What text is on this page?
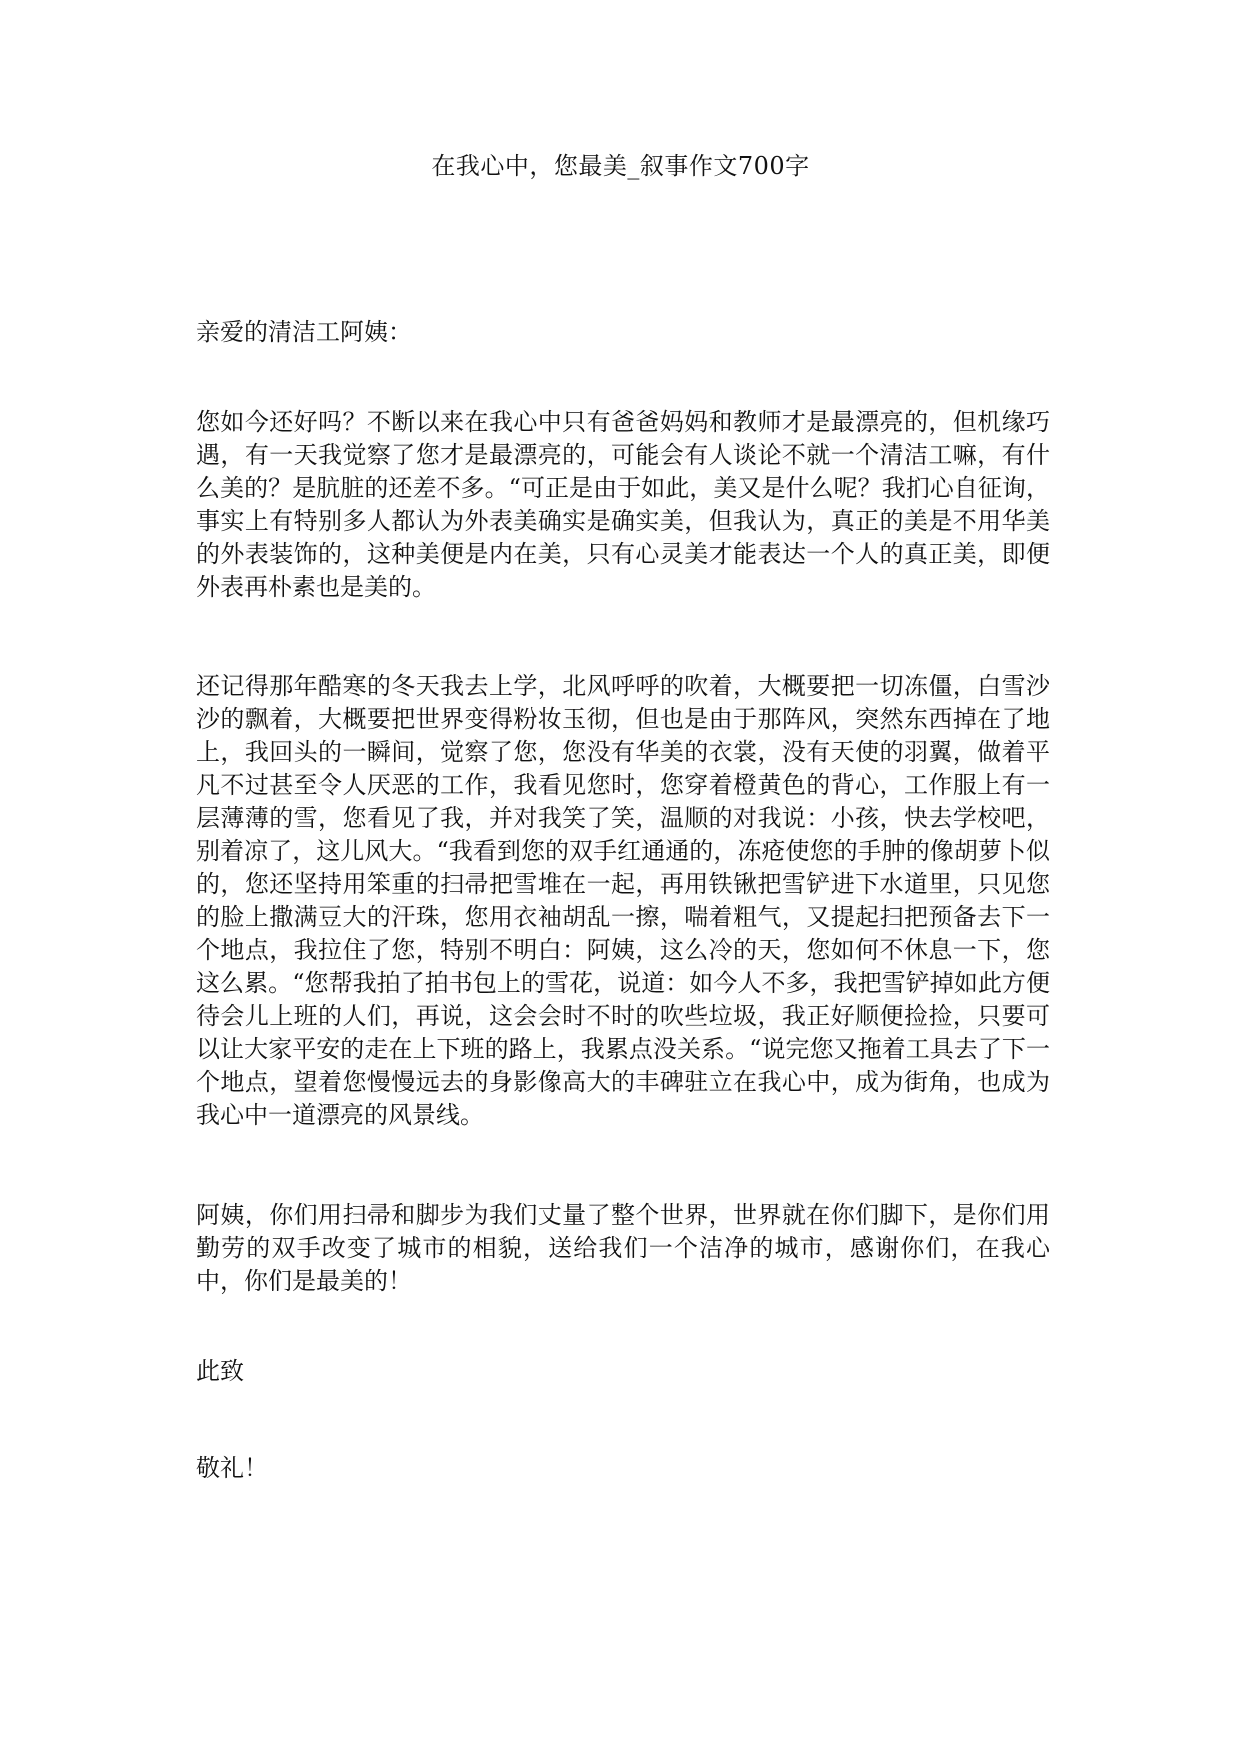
在我心中，您最美_叙事作文700字
亲爱的清洁工阿姨：
您如今还好吗？不断以来在我心中只有爸爸妈妈和教师才是最漂亮的，但机缘巧遇，有一天我觉察了您才是最漂亮的，可能会有人谈论不就一个清洁工嘛，有什么美的？是肮脏的还差不多。“可正是由于如此，美又是什么呢？我扪心自征询，事实上有特别多人都认为外表美确实是确实美，但我认为，真正的美是不用华美的外表装饰的，这种美便是内在美，只有心灵美才能表达一个人的真正美，即便外表再朴素也是美的。
还记得那年酷寒的冬天我去上学，北风呼呼的吹着，大概要把一切冻僵，白雪沙沙的飘着，大概要把世界变得粉妆玉彻，但也是由于那阵风，突然东西掉在了地上，我回头的一瞬间，觉察了您，您没有华美的衣裳，没有天使的羽翼，做着平凡不过甚至令人厌恶的工作，我看见您时，您穿着橙黄色的背心，工作服上有一层薄薄的雪，您看见了我，并对我笑了笑，温顺的对我说：小孩，快去学校吧，别着凉了，这儿风大。“我看到您的双手红通通的，冻疮使您的手肿的像胡萝卜似的，您还坚持用笨重的扫帚把雪堆在一起，再用铁锹把雪铲进下水道里，只见您的脸上撒满豆大的汗珠，您用衣袖胡乱一擦，喘着粗气，又提起扫把预备去下一个地点，我拉住了您，特别不明白：阿姨，这么冷的天，您如何不休息一下，您这么累。“您帮我拍了拍书包上的雪花，说道：如今人不多，我把雪铲掉如此方便待会儿上班的人们，再说，这会会时不时的吹些垃圾，我正好顺便捡捡，只要可以让大家平安的走在上下班的路上，我累点没关系。“说完您又拖着工具去了下一个地点，望着您慢慢远去的身影像高大的丰碑驻立在我心中，成为街角，也成为我心中一道漂亮的风景线。
阿姨，你们用扫帚和脚步为我们丈量了整个世界，世界就在你们脚下，是你们用勤劳的双手改变了城市的相貌，送给我们一个洁净的城市，感谢你们，在我心中，你们是最美的！
此致
敬礼！
